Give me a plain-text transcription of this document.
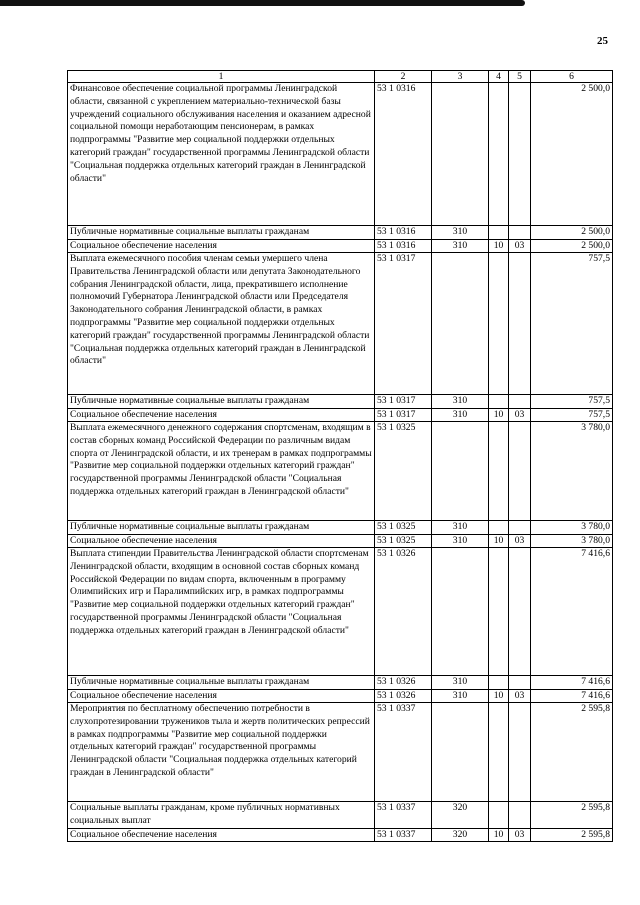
25
1	2	3	4	5	6
Финансовое обеспечение социальной программы Ленинградской области, связанной с укреплением материально-технической базы учреждений социального обслуживания населения и оказанием адресной социальной помощи неработающим пенсионерам, в рамках подпрограммы "Развитие мер социальной поддержки отдельных категорий граждан" государственной программы Ленинградской области "Социальная поддержка отдельных категорий граждан в Ленинградской области"	53 1 0316				2 500,0
Публичные нормативные социальные выплаты гражданам	53 1 0316	310			2 500,0
Социальное обеспечение населения	53 1 0316	310	10	03	2 500,0
Выплата ежемесячного пособия членам семьи умершего члена Правительства Ленинградской области или депутата Законодательного собрания Ленинградской области, лица, прекратившего исполнение полномочий Губернатора Ленинградской области или Председателя Законодательного собрания Ленинградской области, в рамках подпрограммы "Развитие мер социальной поддержки отдельных категорий граждан" государственной программы Ленинградской области "Социальная поддержка отдельных категорий граждан в Ленинградской области"	53 1 0317				757,5
Публичные нормативные социальные выплаты гражданам	53 1 0317	310			757,5
Социальное обеспечение населения	53 1 0317	310	10	03	757,5
Выплата ежемесячного денежного содержания спортсменам, входящим в состав сборных команд Российской Федерации по различным видам спорта от Ленинградской области, и их тренерам в рамках подпрограммы "Развитие мер социальной поддержки отдельных категорий граждан" государственной программы Ленинградской области "Социальная поддержка отдельных категорий граждан в Ленинградской области"	53 1 0325				3 780,0
Публичные нормативные социальные выплаты гражданам	53 1 0325	310			3 780,0
Социальное обеспечение населения	53 1 0325	310	10	03	3 780,0
Выплата стипендии Правительства Ленинградской области спортсменам Ленинградской области, входящим в основной состав сборных команд Российской Федерации по видам спорта, включенным в программу Олимпийских игр и Паралимпийских игр, в рамках подпрограммы "Развитие мер социальной поддержки отдельных категорий граждан" государственной программы Ленинградской области "Социальная поддержка отдельных категорий граждан в Ленинградской области"	53 1 0326				7 416,6
Публичные нормативные социальные выплаты гражданам	53 1 0326	310			7 416,6
Социальное обеспечение населения	53 1 0326	310	10	03	7 416,6
Мероприятия по бесплатному обеспечению потребности в слухопротезировании тружеников тыла и жертв политических репрессий в рамках подпрограммы "Развитие мер социальной поддержки отдельных категорий граждан" государственной программы Ленинградской области "Социальная поддержка отдельных категорий граждан в Ленинградской области"	53 1 0337				2 595,8
Социальные выплаты гражданам, кроме публичных нормативных социальных выплат	53 1 0337	320			2 595,8
Социальное обеспечение населения	53 1 0337	320	10	03	2 595,8
